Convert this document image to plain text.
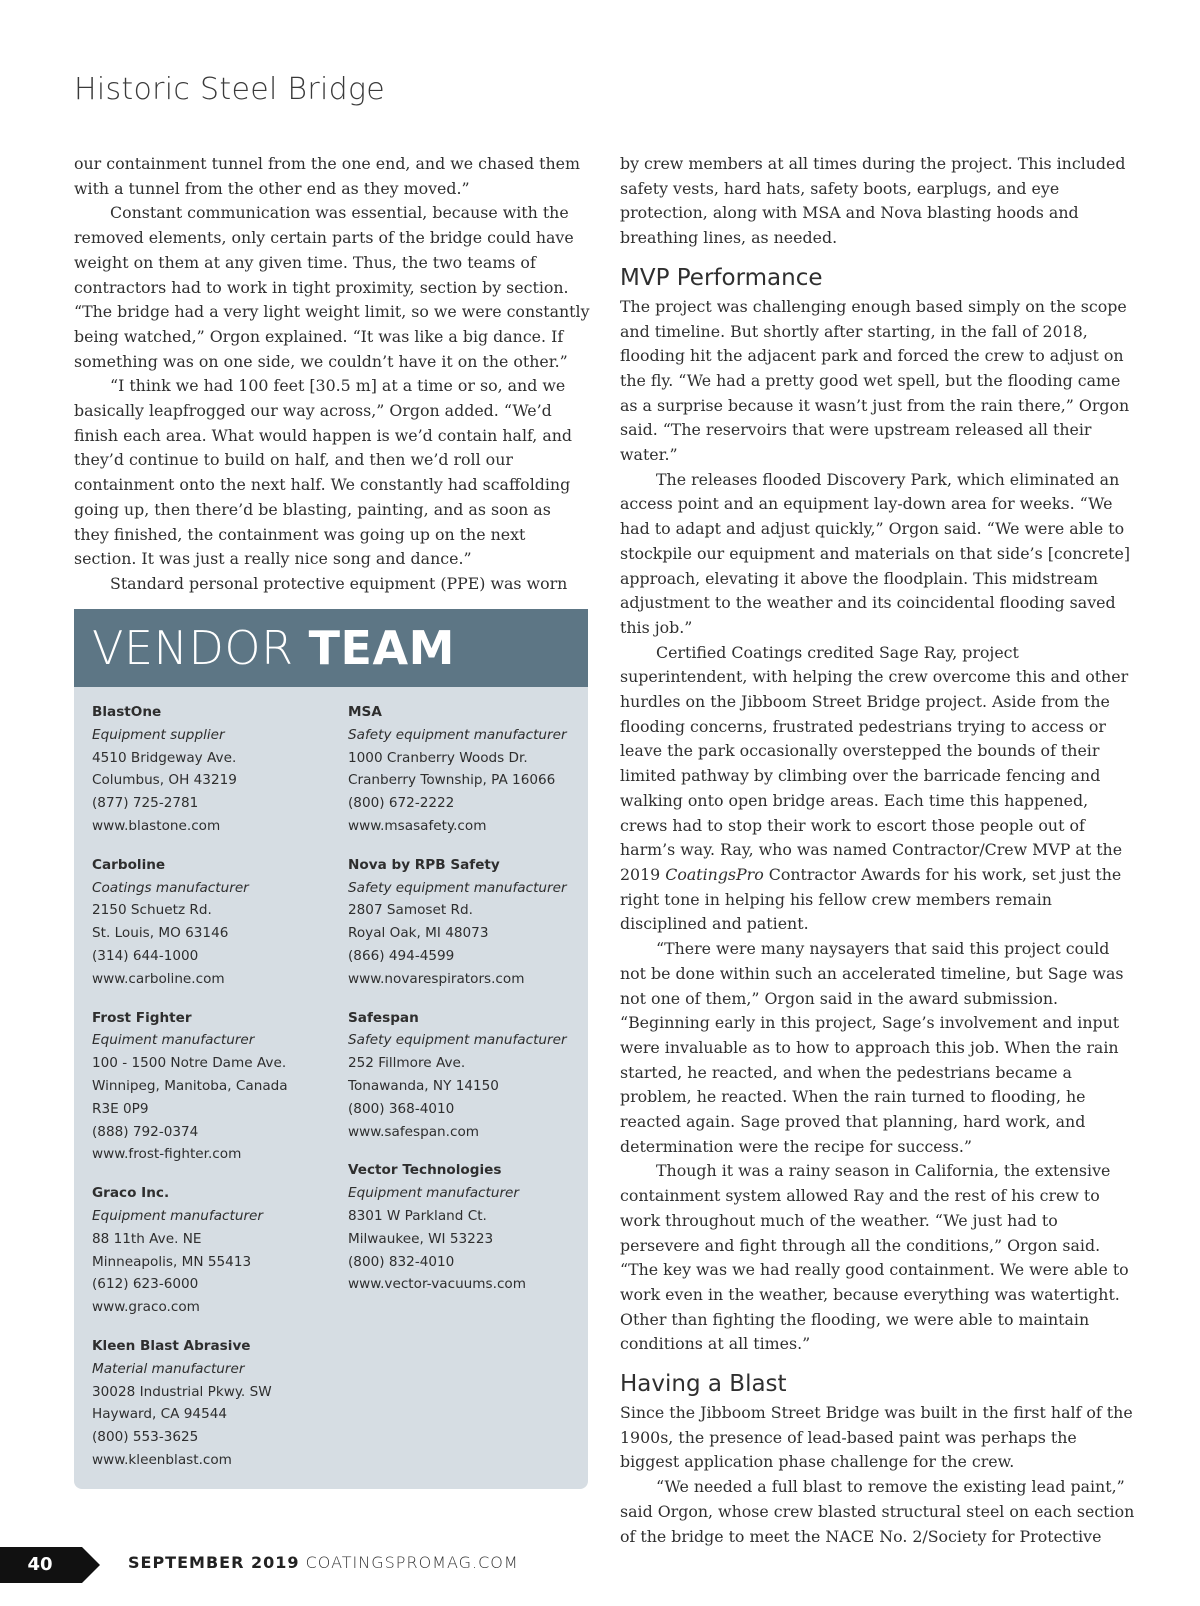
Historic Steel Bridge

our containment tunnel from the one end, and we chased them with a tunnel from the other end as they moved.”

Constant communication was essential, because with the removed elements, only certain parts of the bridge could have weight on them at any given time. Thus, the two teams of contractors had to work in tight proximity, section by section. “The bridge had a very light weight limit, so we were constantly being watched,” Orgon explained. “It was like a big dance. If something was on one side, we couldn’t have it on the other.”

“I think we had 100 feet [30.5 m] at a time or so, and we basically leapfrogged our way across,” Orgon added. “We’d finish each area. What would happen is we’d contain half, and they’d continue to build on half, and then we’d roll our containment onto the next half. We constantly had scaffolding going up, then there’d be blasting, painting, and as soon as they finished, the containment was going up on the next section. It was just a really nice song and dance.”

Standard personal protective equipment (PPE) was worn

VENDOR TEAM
BlastOne
Equipment supplier
4510 Bridgeway Ave.
Columbus, OH 43219
(877) 725-2781
www.blastone.com
Carboline
Coatings manufacturer
2150 Schuetz Rd.
St. Louis, MO 63146
(314) 644-1000
www.carboline.com
Frost Fighter
Equiment manufacturer
100 - 1500 Notre Dame Ave.
Winnipeg, Manitoba, Canada
R3E 0P9
(888) 792-0374
www.frost-fighter.com
Graco Inc.
Equipment manufacturer
88 11th Ave. NE
Minneapolis, MN 55413
(612) 623-6000
www.graco.com
Kleen Blast Abrasive
Material manufacturer
30028 Industrial Pkwy. SW
Hayward, CA 94544
(800) 553-3625
www.kleenblast.com
MSA
Safety equipment manufacturer
1000 Cranberry Woods Dr.
Cranberry Township, PA 16066
(800) 672-2222
www.msasafety.com
Nova by RPB Safety
Safety equipment manufacturer
2807 Samoset Rd.
Royal Oak, MI 48073
(866) 494-4599
www.novarespirators.com
Safespan
Safety equipment manufacturer
252 Fillmore Ave.
Tonawanda, NY 14150
(800) 368-4010
www.safespan.com
Vector Technologies
Equipment manufacturer
8301 W Parkland Ct.
Milwaukee, WI 53223
(800) 832-4010
www.vector-vacuums.com

by crew members at all times during the project. This included safety vests, hard hats, safety boots, earplugs, and eye protection, along with MSA and Nova blasting hoods and breathing lines, as needed.

MVP Performance

The project was challenging enough based simply on the scope and timeline. But shortly after starting, in the fall of 2018, flooding hit the adjacent park and forced the crew to adjust on the fly. “We had a pretty good wet spell, but the flooding came as a surprise because it wasn’t just from the rain there,” Orgon said. “The reservoirs that were upstream released all their water.”

The releases flooded Discovery Park, which eliminated an access point and an equipment lay-down area for weeks. “We had to adapt and adjust quickly,” Orgon said. “We were able to stockpile our equipment and materials on that side’s [concrete] approach, elevating it above the floodplain. This midstream adjustment to the weather and its coincidental flooding saved this job.”

Certified Coatings credited Sage Ray, project superintendent, with helping the crew overcome this and other hurdles on the Jibboom Street Bridge project. Aside from the flooding concerns, frustrated pedestrians trying to access or leave the park occasionally overstepped the bounds of their limited pathway by climbing over the barricade fencing and walking onto open bridge areas. Each time this happened, crews had to stop their work to escort those people out of harm’s way. Ray, who was named Contractor/Crew MVP at the 2019 CoatingsPro Contractor Awards for his work, set just the right tone in helping his fellow crew members remain disciplined and patient.

“There were many naysayers that said this project could not be done within such an accelerated timeline, but Sage was not one of them,” Orgon said in the award submission. “Beginning early in this project, Sage’s involvement and input were invaluable as to how to approach this job. When the rain started, he reacted, and when the pedestrians became a problem, he reacted. When the rain turned to flooding, he reacted again. Sage proved that planning, hard work, and determination were the recipe for success.”

Though it was a rainy season in California, the extensive containment system allowed Ray and the rest of his crew to work throughout much of the weather. “We just had to persevere and fight through all the conditions,” Orgon said. “The key was we had really good containment. We were able to work even in the weather, because everything was watertight. Other than fighting the flooding, we were able to maintain conditions at all times.”

Having a Blast

Since the Jibboom Street Bridge was built in the first half of the 1900s, the presence of lead-based paint was perhaps the biggest application phase challenge for the crew.

“We needed a full blast to remove the existing lead paint,” said Orgon, whose crew blasted structural steel on each section of the bridge to meet the NACE No. 2/Society for Protective

40	SEPTEMBER 2019 COATINGSPROMAG.COM
